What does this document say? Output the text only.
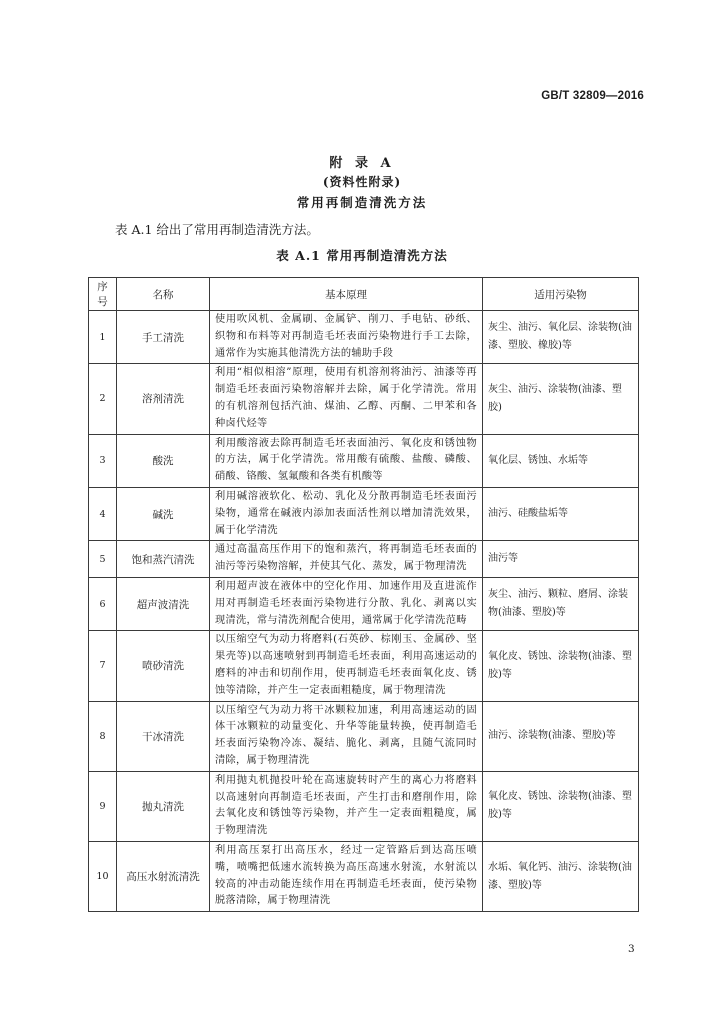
GB/T 32809—2016
附 录 A
(资料性附录)
常用再制造清洗方法
表 A.1 给出了常用再制造清洗方法。
表 A.1 常用再制造清洗方法
序号	名称	基本原理	适用污染物
1	手工清洗	使用吹风机、金属刷、金属铲、削刀、手电钻、砂纸、织物和布料等对再制造毛坯表面污染物进行手工去除，通常作为实施其他清洗方法的辅助手段	灰尘、油污、氧化层、涂装物(油漆、塑胶、橡胶)等
2	溶剂清洗	利用“相似相溶”原理，使用有机溶剂将油污、油漆等再制造毛坯表面污染物溶解并去除，属于化学清洗。常用的有机溶剂包括汽油、煤油、乙醇、丙酮、二甲苯和各种卤代烃等	灰尘、油污、涂装物(油漆、塑胶)
3	酸洗	利用酸溶液去除再制造毛坯表面油污、氧化皮和锈蚀物的方法，属于化学清洗。常用酸有硫酸、盐酸、磷酸、硝酸、铬酸、氢氟酸和各类有机酸等	氧化层、锈蚀、水垢等
4	碱洗	利用碱溶液软化、松动、乳化及分散再制造毛坯表面污染物，通常在碱液内添加表面活性剂以增加清洗效果，属于化学清洗	油污、硅酸盐垢等
5	饱和蒸汽清洗	通过高温高压作用下的饱和蒸汽，将再制造毛坯表面的油污等污染物溶解，并使其气化、蒸发，属于物理清洗	油污等
6	超声波清洗	利用超声波在液体中的空化作用、加速作用及直进流作用对再制造毛坯表面污染物进行分散、乳化、剥离以实现清洗，常与清洗剂配合使用，通常属于化学清洗范畴	灰尘、油污、颗粒、磨屑、涂装物(油漆、塑胶)等
7	喷砂清洗	以压缩空气为动力将磨料(石英砂、棕刚玉、金属砂、坚果壳等)以高速喷射到再制造毛坯表面，利用高速运动的磨料的冲击和切削作用，使再制造毛坯表面氧化皮、锈蚀等清除，并产生一定表面粗糙度，属于物理清洗	氧化皮、锈蚀、涂装物(油漆、塑胶)等
8	干冰清洗	以压缩空气为动力将干冰颗粒加速，利用高速运动的固体干冰颗粒的动量变化、升华等能量转换，使再制造毛坯表面污染物冷冻、凝结、脆化、剥离，且随气流同时清除，属于物理清洗	油污、涂装物(油漆、塑胶)等
9	抛丸清洗	利用抛丸机抛投叶轮在高速旋转时产生的离心力将磨料以高速射向再制造毛坯表面，产生打击和磨削作用，除去氧化皮和锈蚀等污染物，并产生一定表面粗糙度，属于物理清洗	氧化皮、锈蚀、涂装物(油漆、塑胶)等
10	高压水射流清洗	利用高压泵打出高压水，经过一定管路后到达高压喷嘴，喷嘴把低速水流转换为高压高速水射流，水射流以较高的冲击动能连续作用在再制造毛坯表面，使污染物脱落清除，属于物理清洗	水垢、氧化钙、油污、涂装物(油漆、塑胶)等
3
